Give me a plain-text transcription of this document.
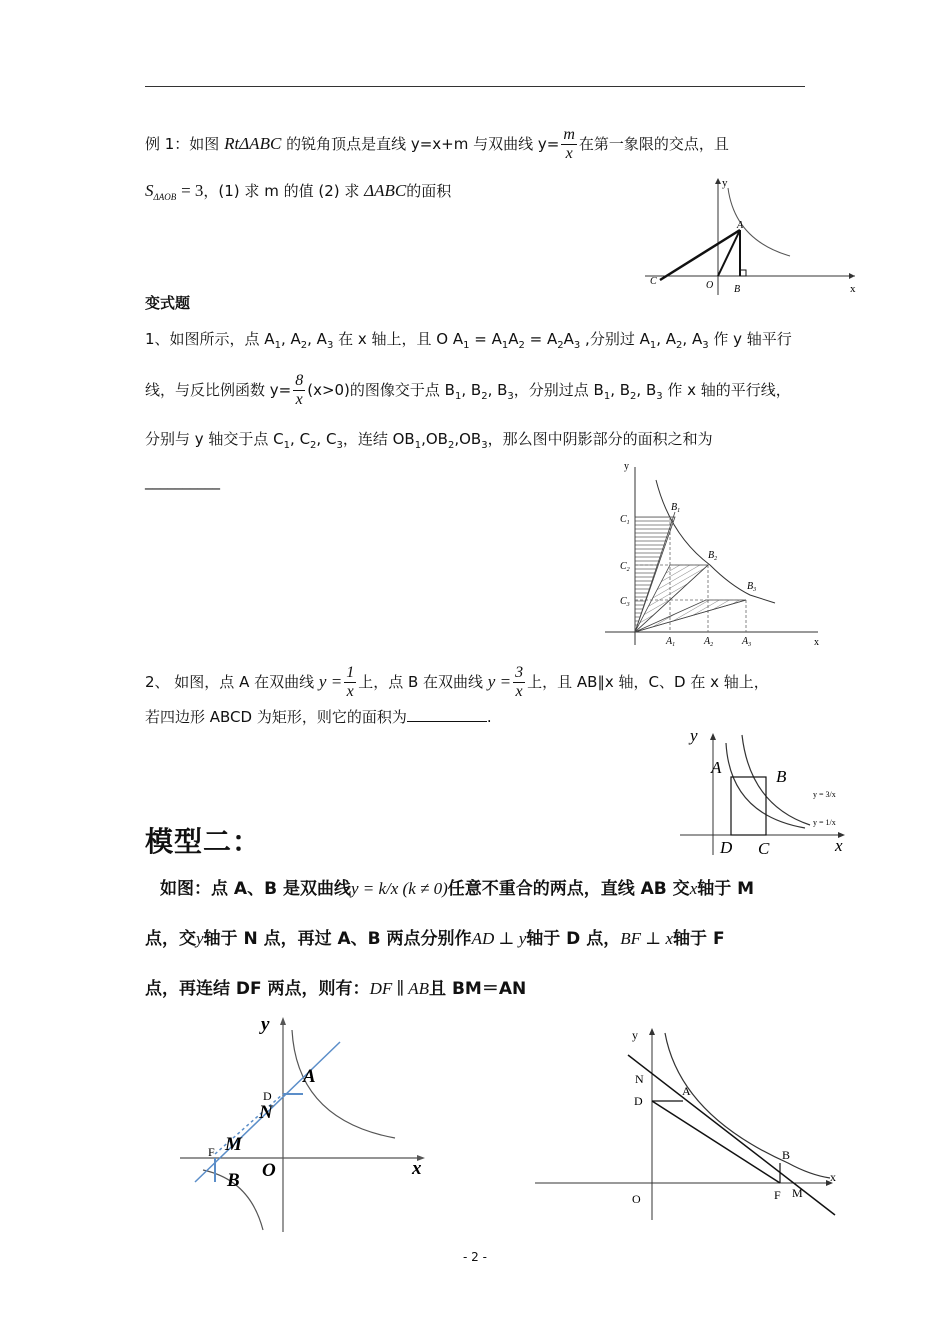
例 1：如图 RtΔABC 的锐角顶点是直线 y=x+m 与双曲线 $y= \frac{m}{x}$ 在第一象限的交点，且
$S_{\Delta AOB} = 3$，(1) 求 m 的值 (2) 求 ΔABC的面积	y
x
A
B
C	O
变式题
1、如图所示，点 $A_1$, $A_2$, $A_3$ 在 x 轴上，且 O $A_1 = A_1A_2 = A_2A_3$ ,分别过 $A_1$, $A_2$, $A_3$ 作 y 轴平行
线，与反比例函数 $y= \frac{8}{x} (x>0)$的图像交于点 $B_1$, $B_2$, $B_3$，分别过点 $B_1$, $B_2$, $B_3$ 作 x 轴的平行线，
分别与 y 轴交于点 $C_1$, $C_2$, $C_3$，连结 $OB_1,OB_2,OB_3$，那么图中阴影部分的面积之和为
__________
y
x
$B_1$
$B_2$
$B_3$
$C_1$
$C_2$
$C_3$
$A_1$	$A_2$	$A_3$
2、 如图，点 A 在双曲线 $y = \frac{1}{x}$ 上，点 B 在双曲线 $y = \frac{3}{x}$ 上，且 AB∥x 轴，C、D 在 x 轴上，
若四边形 ABCD 为矩形，则它的面积为	.
y
x
A	B
D C
y = 3/x
y = 1/x
模型二：
如图：点 A、B 是双曲线y = k/x (k ≠ 0)任意不重合的两点，直线 AB 交x轴于 M
点，交y轴于 N 点，再过 A、B 两点分别作AD ⊥ y轴于 D 点，BF ⊥ x轴于 F
点，再连结 DF 两点，则有：DF ∥ AB且 BM＝AN
y
x
A
B
D
F M
N
O
y
x
A
B
D
F M
N
O
- 2 -
